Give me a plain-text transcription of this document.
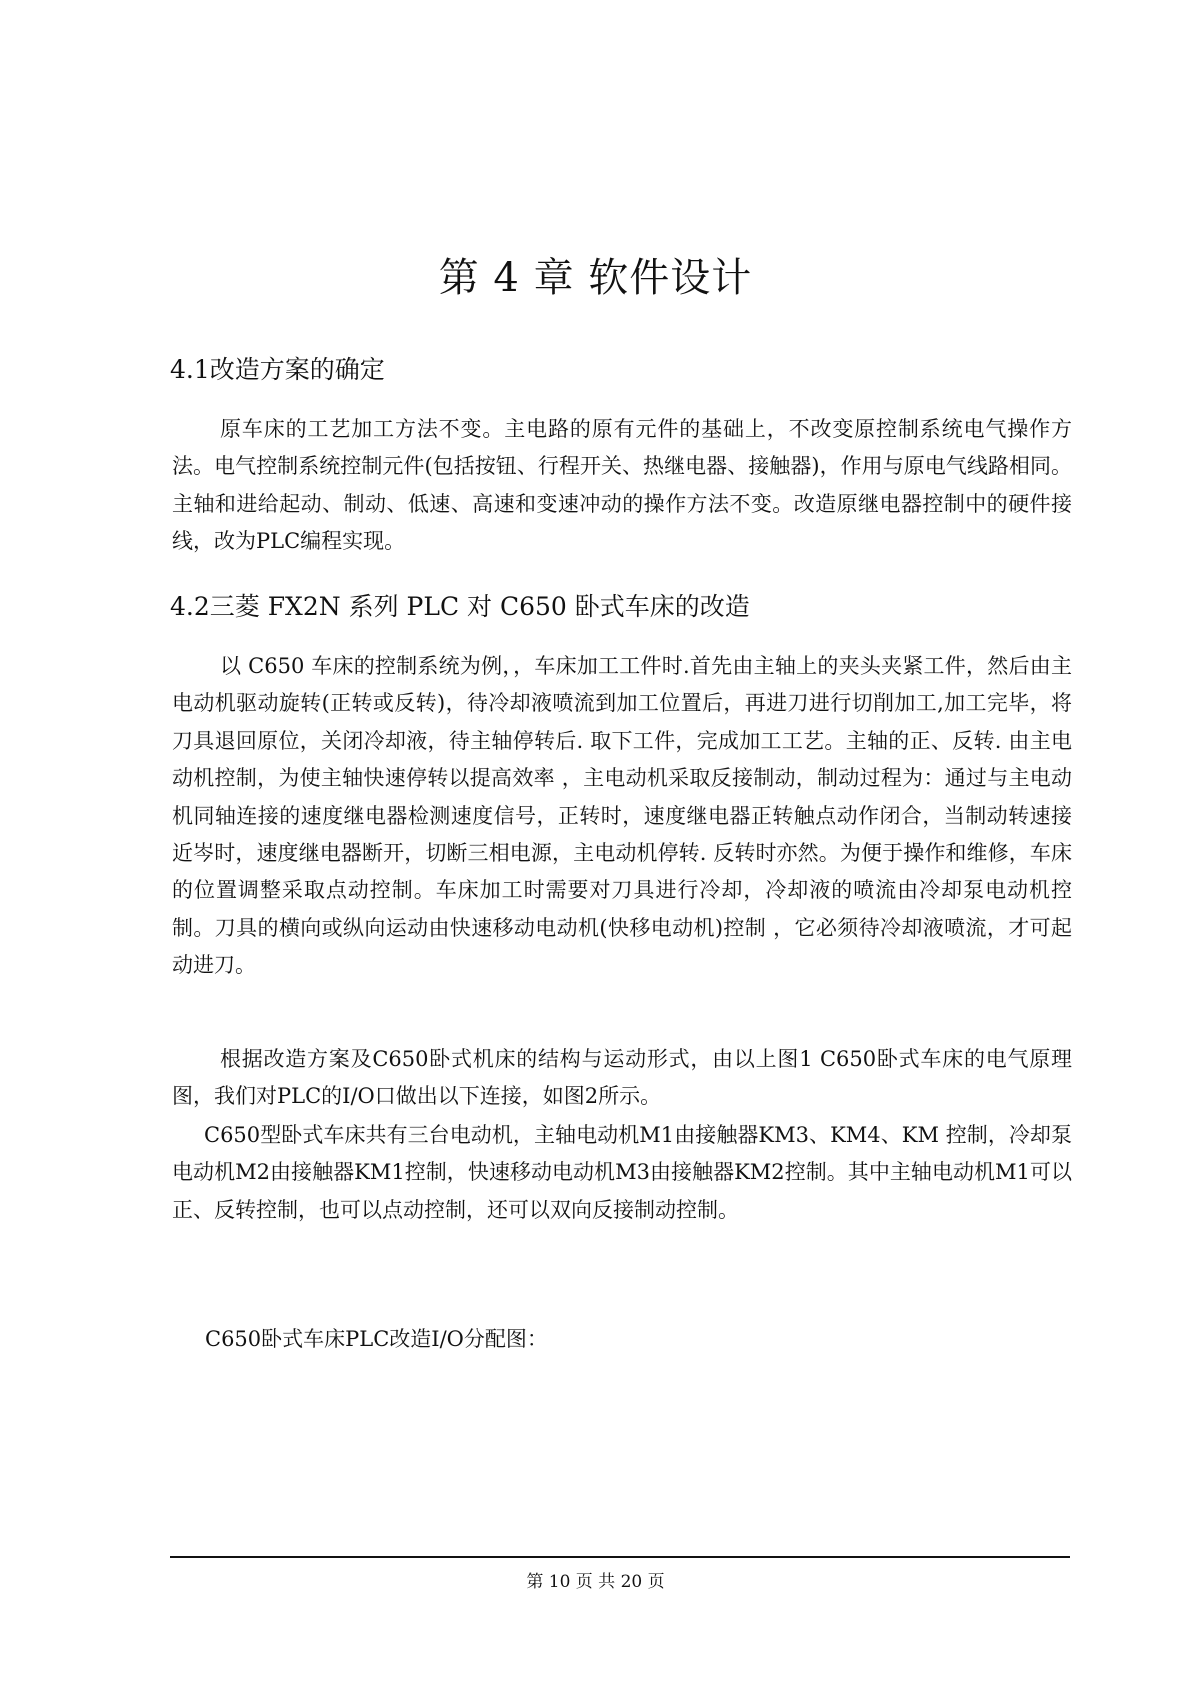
第 4 章 软件设计
4.1改造方案的确定

原车床的工艺加工方法不变。主电路的原有元件的基础上，不改变原控制系统电气操作方法。电气控制系统控制元件(包括按钮、行程开关、热继电器、接触器)，作用与原电气线路相同。主轴和进给起动、制动、低速、高速和变速冲动的操作方法不变。改造原继电器控制中的硬件接线，改为PLC编程实现。

4.2三菱 FX2N 系列 PLC 对 C650 卧式车床的改造

以 C650 车床的控制系统为例，，车床加工工件时.首先由主轴上的夹头夹紧工件，然后由主电动机驱动旋转(正转或反转)，待冷却液喷流到加工位置后，再进刀进行切削加工,加工完毕，将刀具退回原位，关闭冷却液，待主轴停转后. 取下工件，完成加工工艺。主轴的正、反转. 由主电动机控制，为使主轴快速停转以提高效率 ，主电动机采取反接制动，制动过程为：通过与主电动机同轴连接的速度继电器检测速度信号，正转时，速度继电器正转触点动作闭合，当制动转速接近岑时，速度继电器断开，切断三相电源，主电动机停转. 反转时亦然。为便于操作和维修，车床的位置调整采取点动控制。车床加工时需要对刀具进行冷却，冷却液的喷流由冷却泵电动机控制。刀具的横向或纵向运动由快速移动电动机(快移电动机)控制 ，它必须待冷却液喷流，才可起动进刀。

根据改造方案及C650卧式机床的结构与运动形式，由以上图1 C650卧式车床的电气原理图，我们对PLC的I/O口做出以下连接，如图2所示。

C650型卧式车床共有三台电动机，主轴电动机M1由接触器KM3、KM4、KM 控制，冷却泵电动机M2由接触器KM1控制，快速移动电动机M3由接触器KM2控制。其中主轴电动机M1可以正、反转控制，也可以点动控制，还可以双向反接制动控制。

C650卧式车床PLC改造I/O分配图：

第 10 页 共 20 页
